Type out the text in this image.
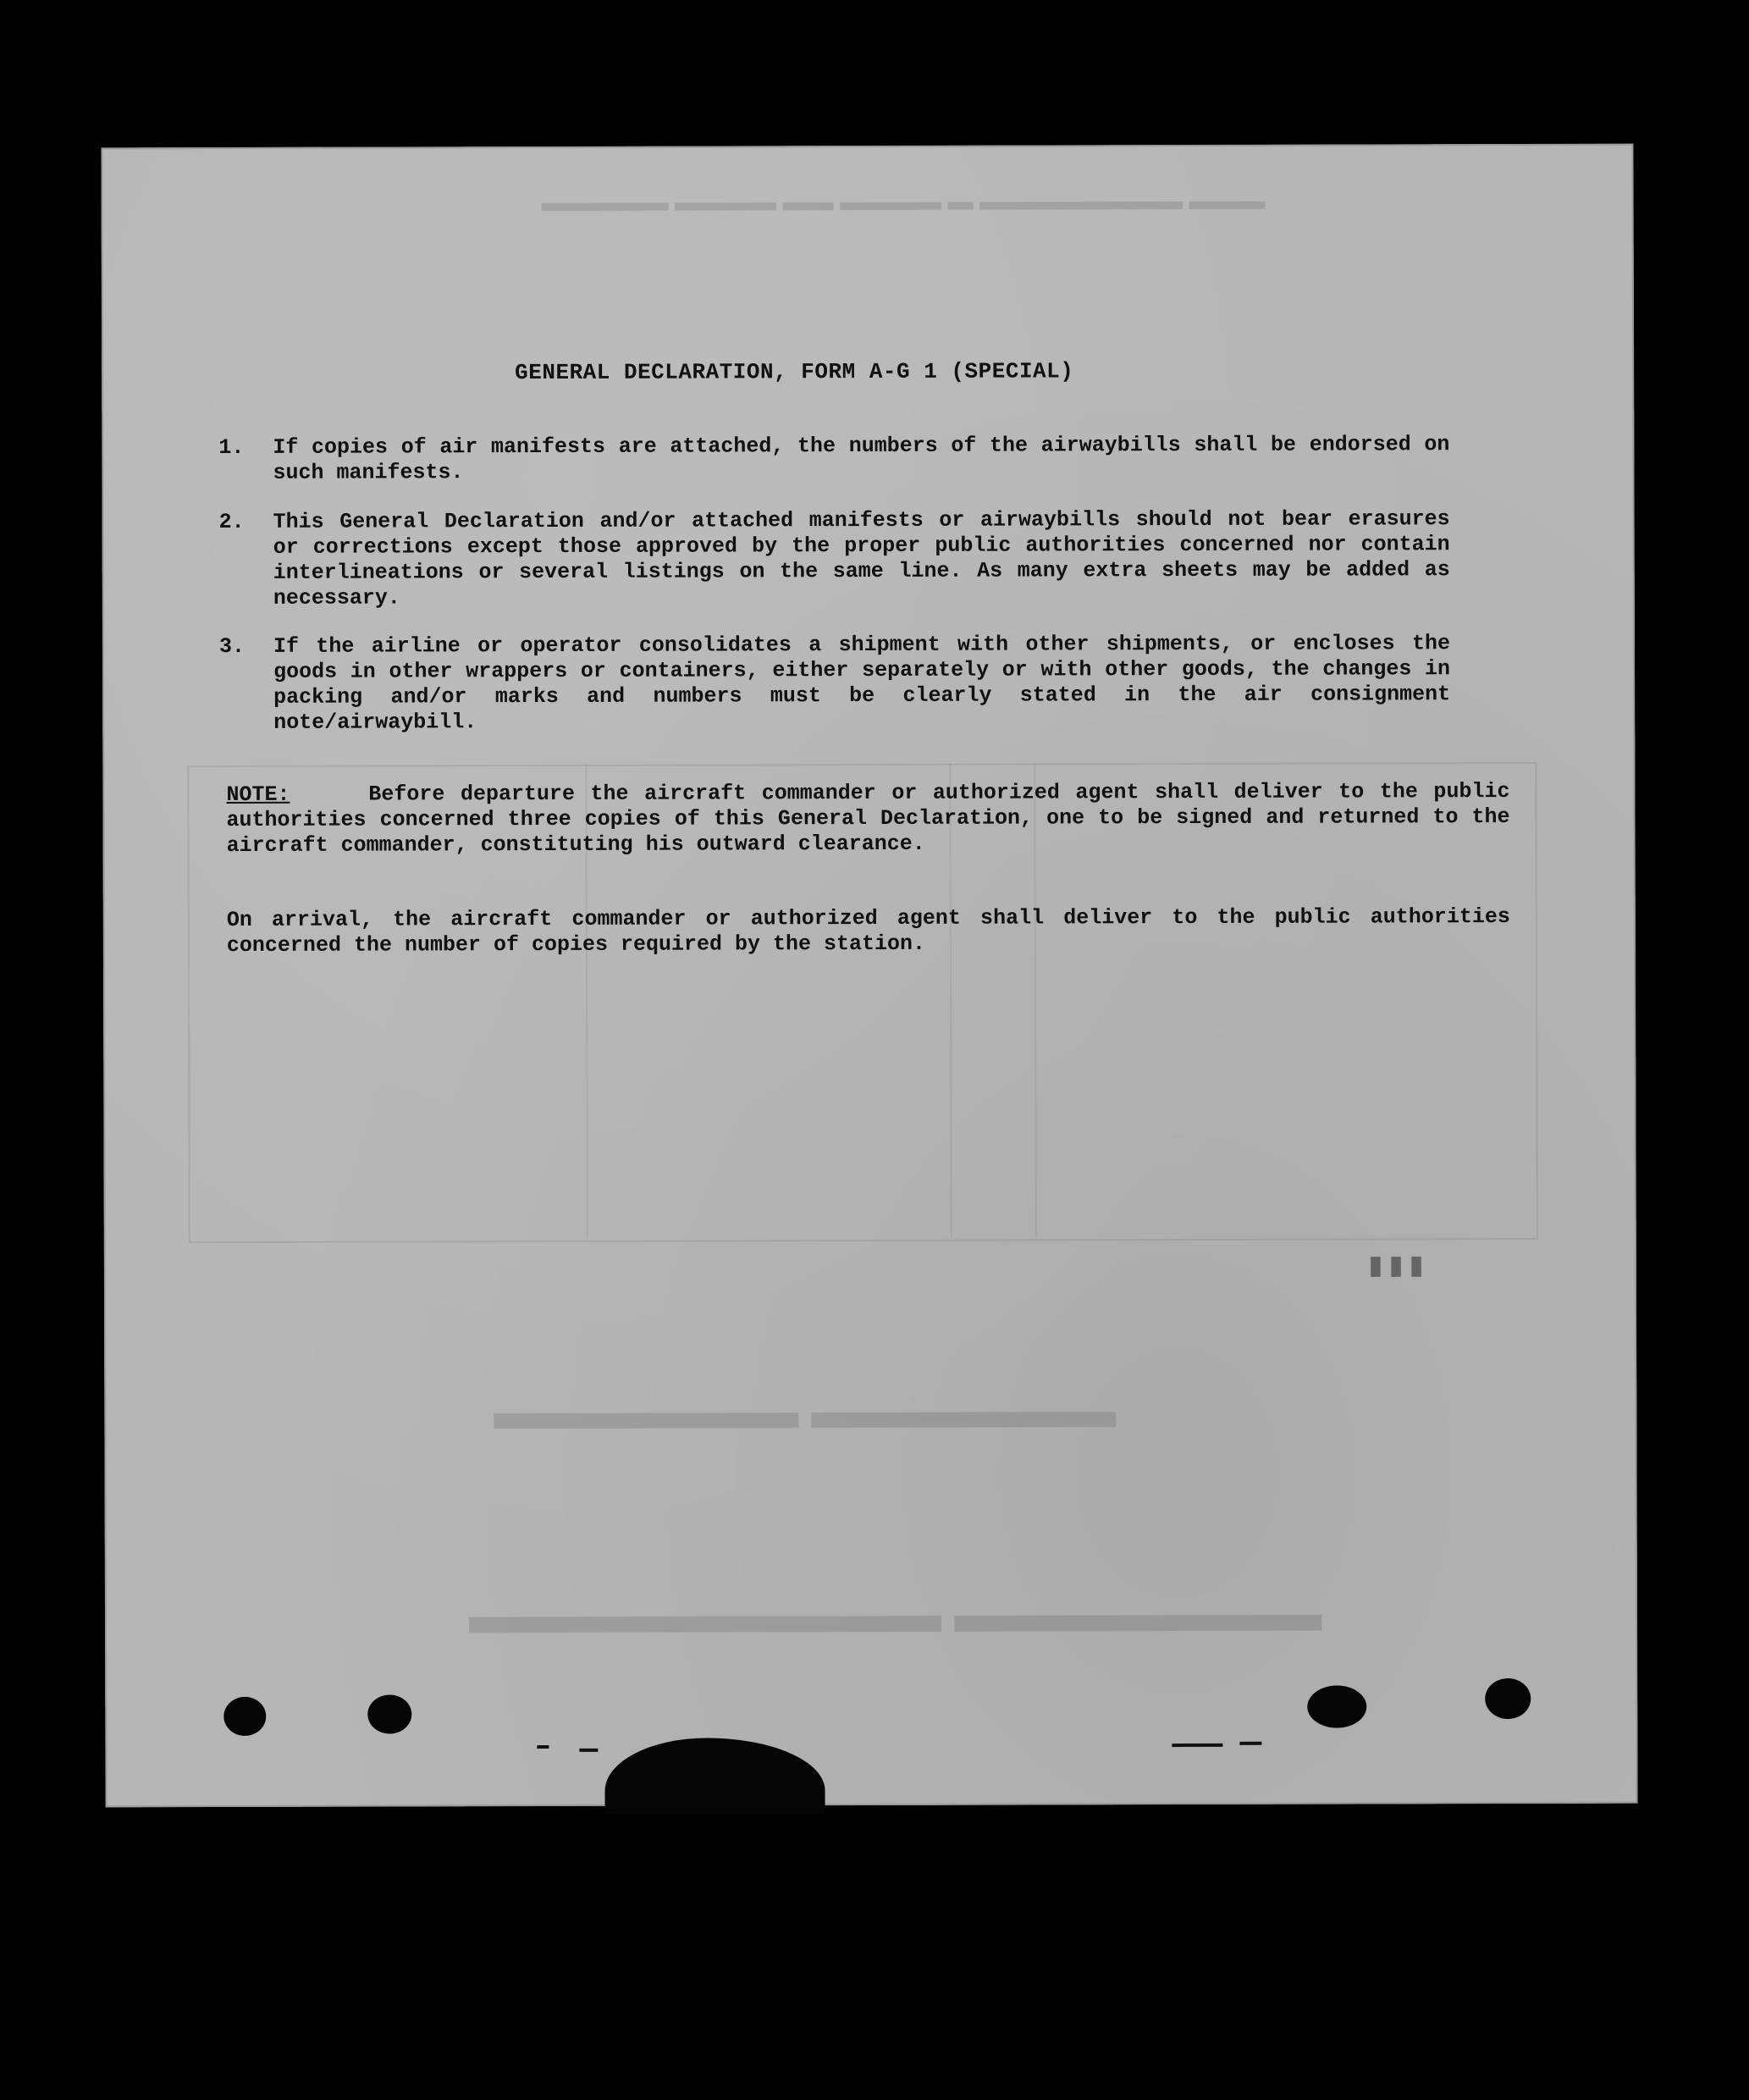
▬▬▬ ▬▬▬▬▬▬▬▬ ▬ ▬▬▬▬ ▬▬ ▬▬▬▬ ▬▬▬▬▬
▬▬▬▬▬▬ ▬▬▬▬▬▬
▬▬▬▬▬▬▬ ▬▬▬▬▬▬▬▬▬
GENERAL DECLARATION, FORM A-G 1 (SPECIAL)
1. If copies of air manifests are attached, the numbers of the airwaybills shall be endorsed on such manifests.
2. This General Declaration and/or attached manifests or airwaybills should not bear erasures or corrections except those approved by the proper public authorities concerned nor contain interlineations or several listings on the same line. As many extra sheets may be added as necessary.
3. If the airline or operator consolidates a shipment with other shipments, or encloses the goods in other wrappers or containers, either separately or with other goods, the changes in packing and/or marks and numbers must be clearly stated in the air consignment note/airwaybill.
NOTE:	Before departure the aircraft commander or authorized agent shall deliver to the public authorities concerned three copies of this General Declaration, one to be signed and returned to the aircraft commander, constituting his outward clearance.
On arrival, the aircraft commander or authorized agent shall deliver to the public authorities concerned the number of copies required by the station.
▮▮▮
